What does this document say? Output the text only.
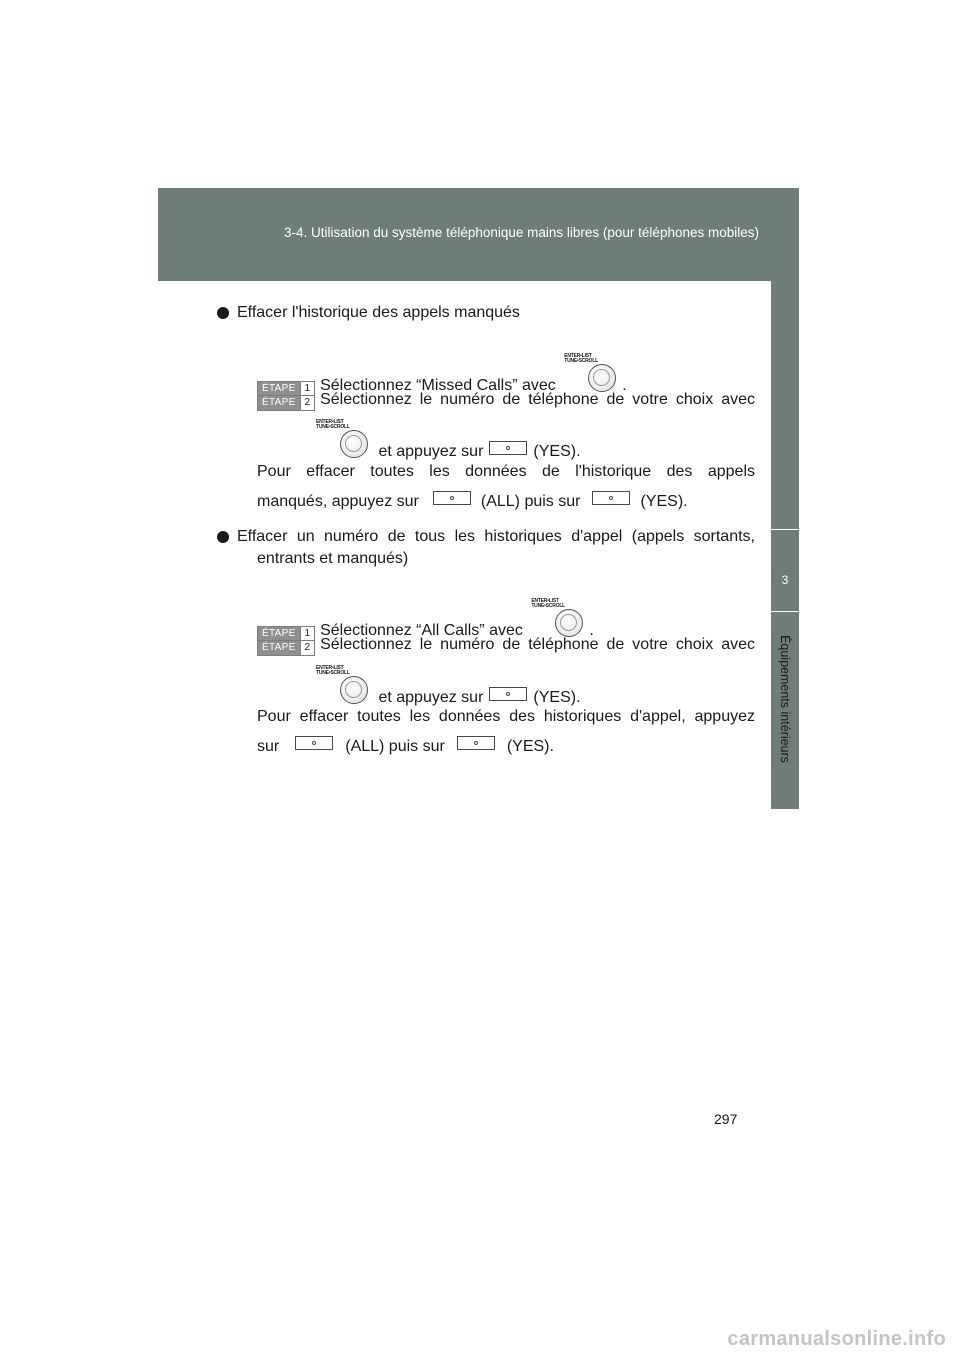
3-4. Utilisation du système téléphonique mains libres (pour téléphones mobiles)
3
Équipements intérieurs
Effacer l'historique des appels manqués
ÉTAPE 1 Sélectionnez “Missed Calls” avec
ENTER•LIST
TUNE•SCROLL
.
ÉTAPE 2 Sélectionnez le numéro de téléphone de votre choix avec
ENTER•LIST
TUNE•SCROLL
et appuyez sur	(YES).
Pour effacer toutes les données de l'historique des appels
manqués, appuyez sur	(ALL) puis sur	(YES).
Effacer un numéro de tous les historiques d'appel (appels sortants,
entrants et manqués)
ÉTAPE 1 Sélectionnez “All Calls” avec
ENTER•LIST
TUNE•SCROLL
.
ÉTAPE 2 Sélectionnez le numéro de téléphone de votre choix avec
ENTER•LIST
TUNE•SCROLL
et appuyez sur	(YES).
Pour effacer toutes les données des historiques d'appel, appuyez
sur	(ALL) puis sur	(YES).
297
carmanualsonline.info
